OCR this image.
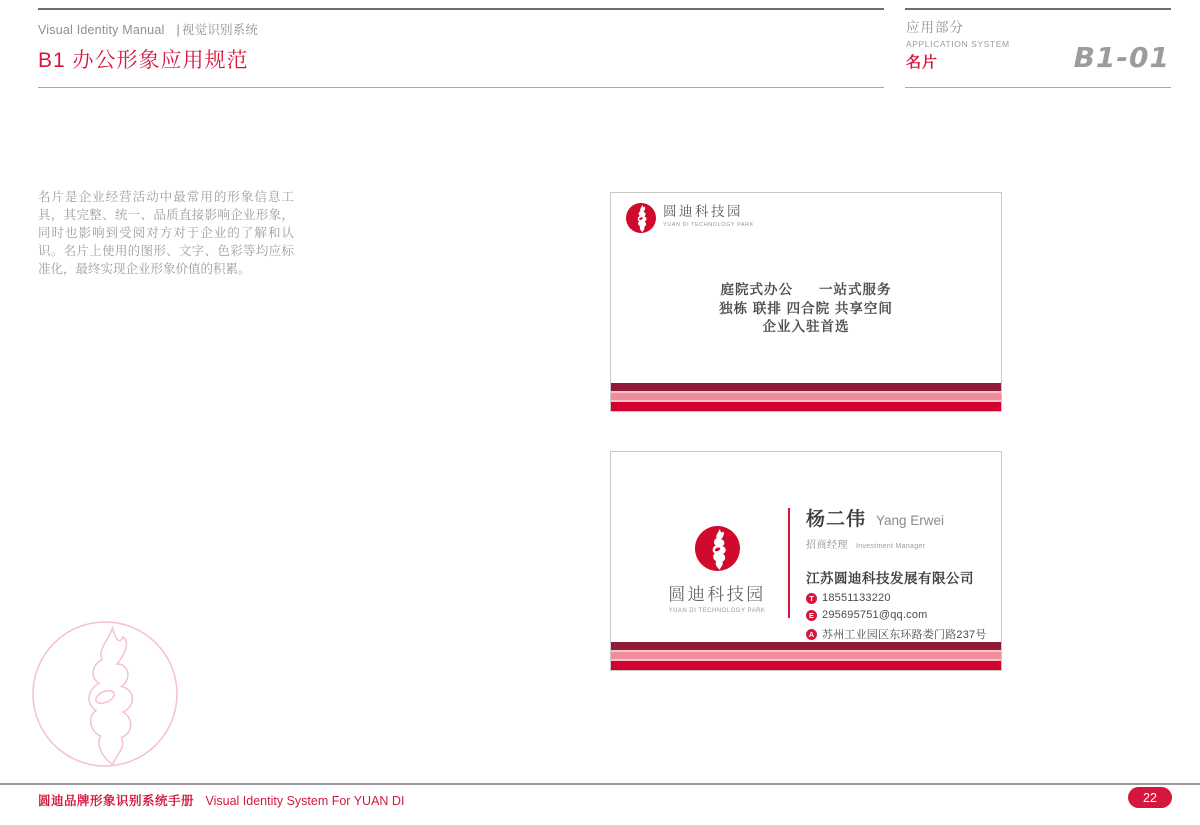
Visual Identity Manual | 视觉识别系统
B1 办公形象应用规范
应用部分
APPLICATION SYSTEM
名片	B1-01
名片是企业经营活动中最常用的形象信息工具，其完整、统一、品质直接影响企业形象，同时也影响到受阅对方对于企业的了解和认识。名片上使用的图形、文字、色彩等均应标准化，最终实现企业形象价值的积累。
圆迪科技园
YUAN DI TECHNOLOGY PARK
庭院式办公 一站式服务
独栋 联排 四合院 共享空间
企业入驻首选
圆迪科技园
YUAN DI TECHNOLOGY PARK
杨二伟 Yang Erwei
招商经理 Investment Manager
江苏圆迪科技发展有限公司
T 18551133220
E 295695751@qq.com
A 苏州工业园区东环路娄门路237号
圆迪品牌形象识别系统手册 Visual Identity System For YUAN DI	22
